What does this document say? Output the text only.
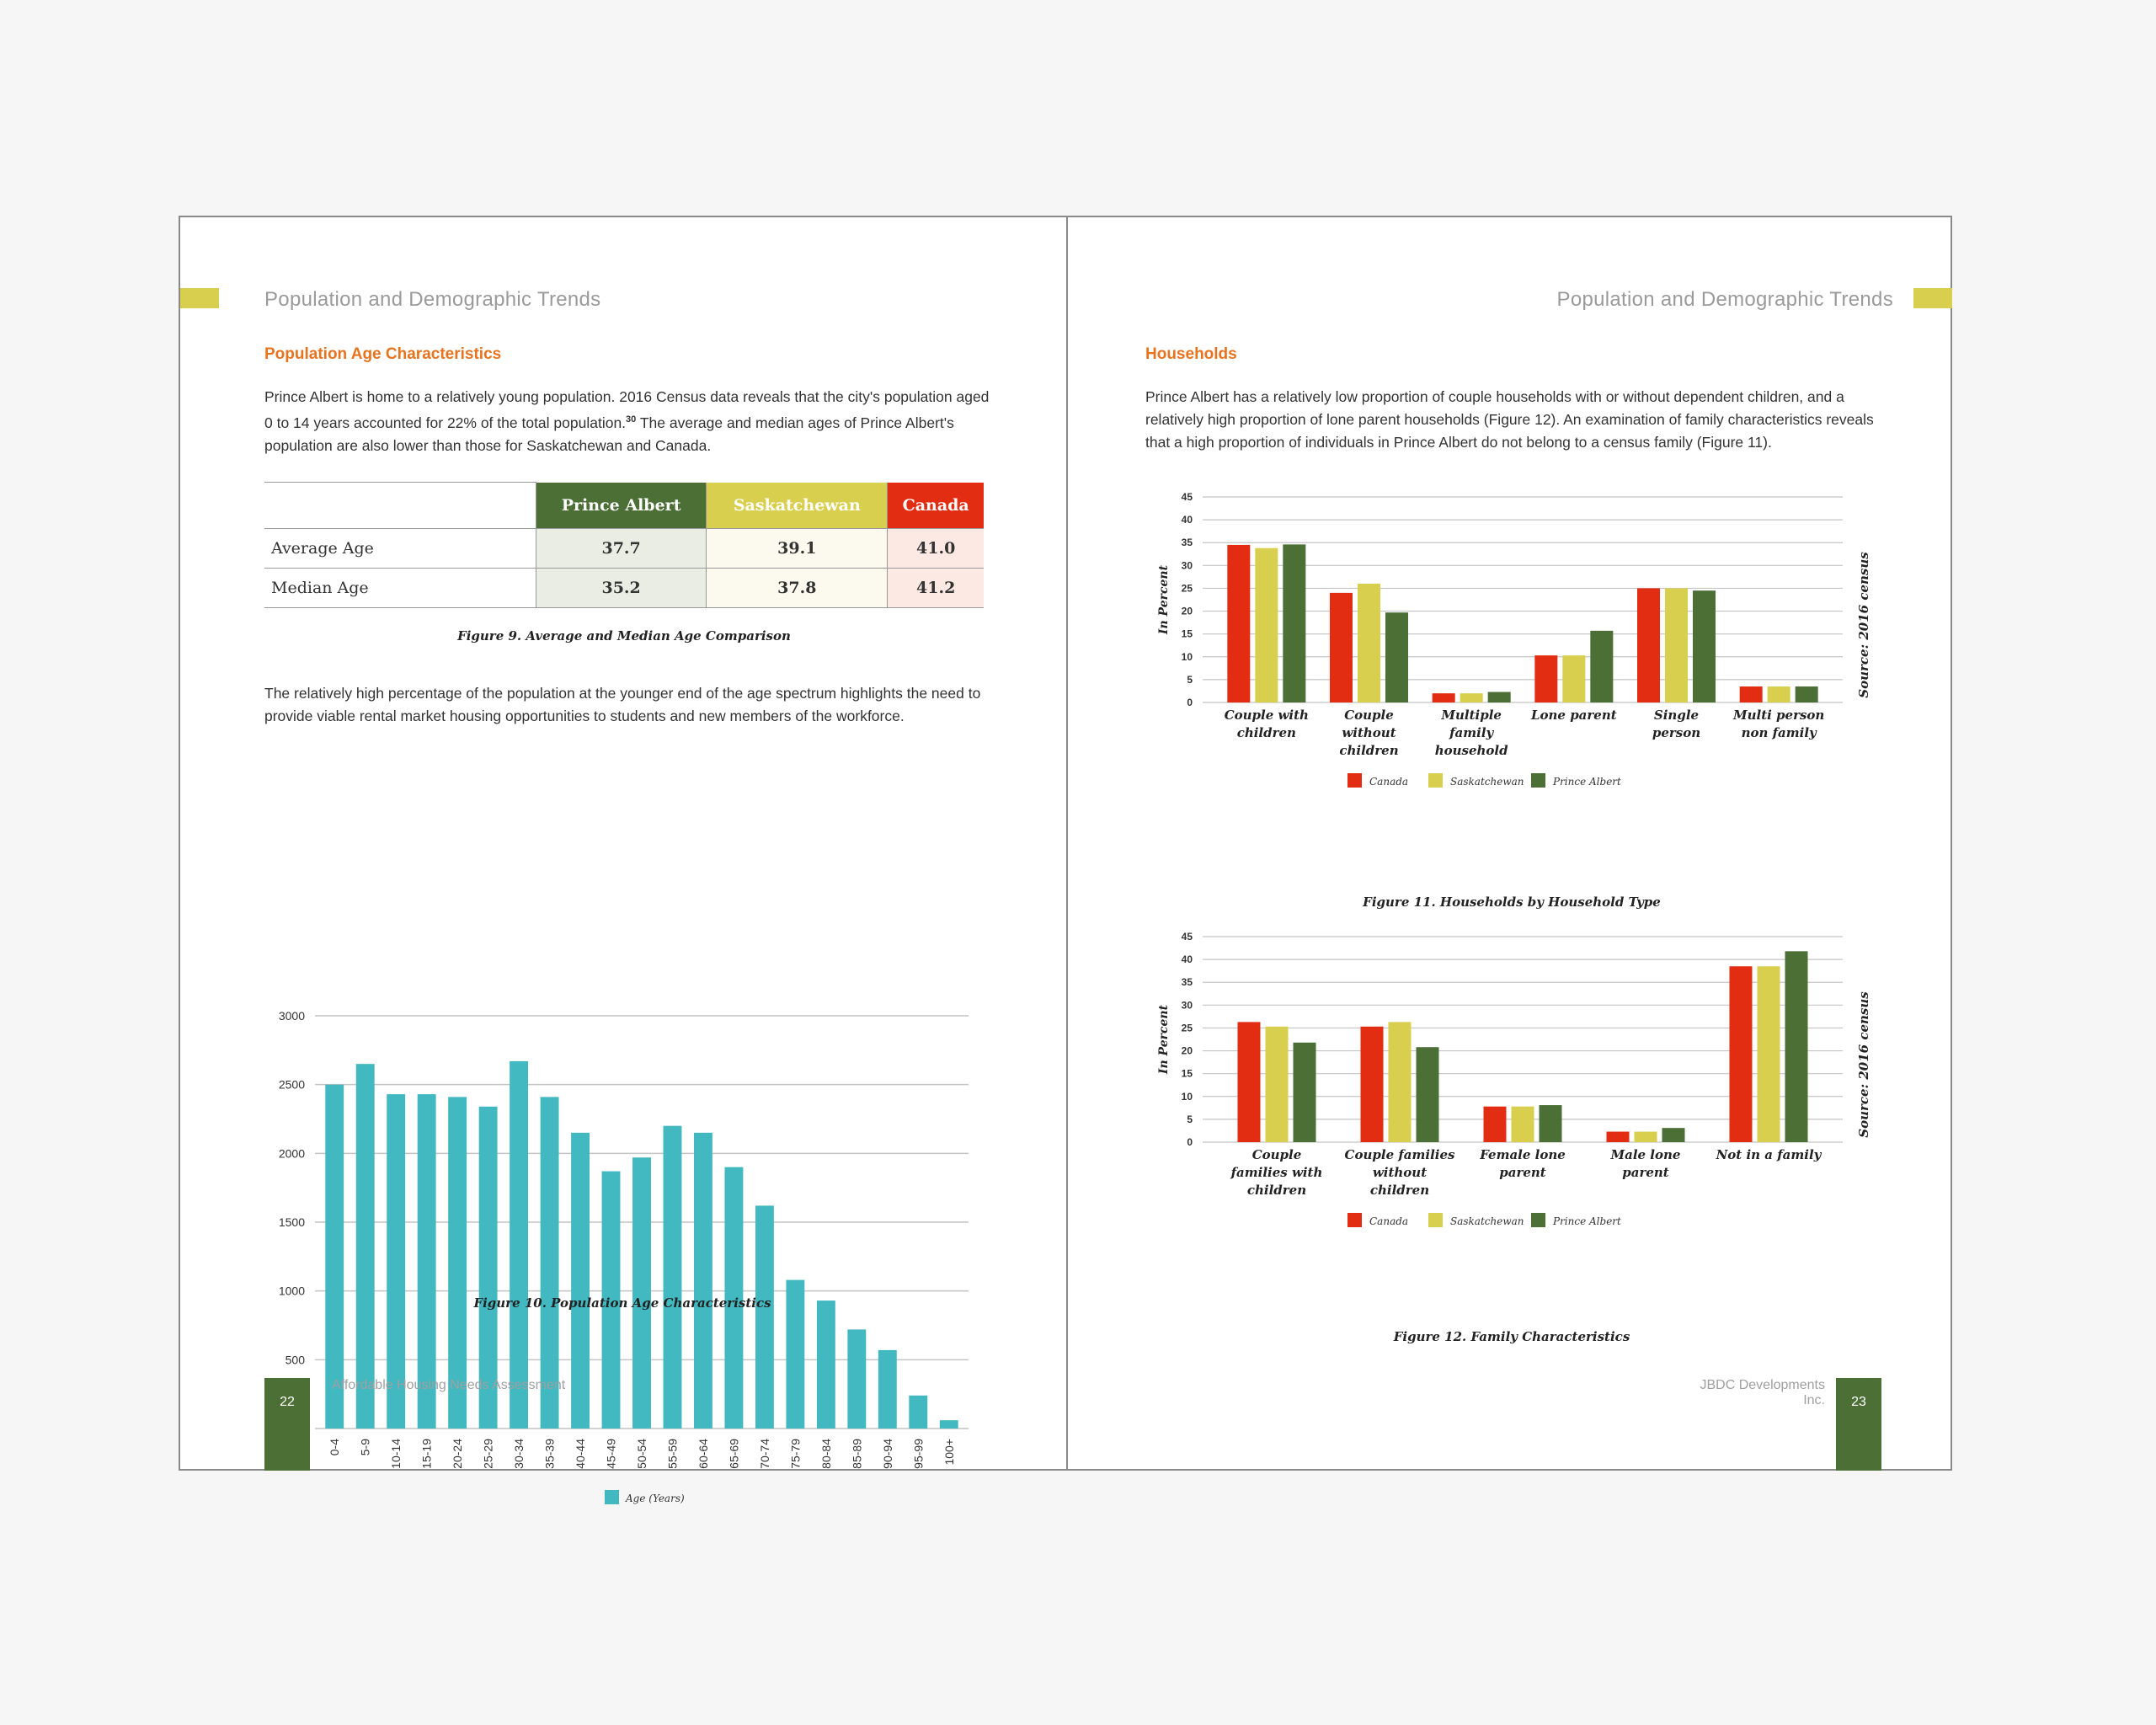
Population and Demographic Trends
Population Age Characteristics
Prince Albert is home to a relatively young population. 2016 Census data reveals that the city's population aged 0 to 14 years accounted for 22% of the total population.$^{30}$ The average and median ages of Prince Albert's population are also lower than those for Saskatchewan and Canada.
	Prince Albert	Saskatchewan	Canada
Average Age	37.7	39.1	41.0
Median Age	35.2	37.8	41.2
Figure 9. Average and Median Age Comparison
The relatively high percentage of the population at the younger end of the age spectrum highlights the need to provide viable rental market housing opportunities to students and new members of the workforce.
500
1000
1500
2000
2500
3000
0-4 5-9 10-14 15-19 20-24 25-29 30-34 35-39 40-44 45-49 50-54 55-59 60-64 65-69 70-74 75-79 80-84 85-89 90-94 95-99 100+
Age (Years)
Figure 10. Population Age Characteristics
22
Affordable Housing Needs Assessment
Population and Demographic Trends
Households
Prince Albert has a relatively low proportion of couple households with or without dependent children, and a relatively high proportion of lone parent households (Figure 12). An examination of family characteristics reveals that a high proportion of individuals in Prince Albert do not belong to a census family (Figure 11).
0
5
10
15
20
25
30
35
40
45
In Percent	Source: 2016 census
Couple with children
Couple without children
Multiple family household
Lone parent	Single person
Multi person non family
Canada	Saskatchewan	Prince Albert
Figure 11. Households by Household Type
0
5
10
15
20
25
30
35
40
45
In Percent	Source: 2016 census
Couple families with children
Couple families without children
Female lone parent
Male lone parent
Not in a family
Canada	Saskatchewan	Prince Albert
Figure 12. Family Characteristics
23
JBDC Developments Inc.
